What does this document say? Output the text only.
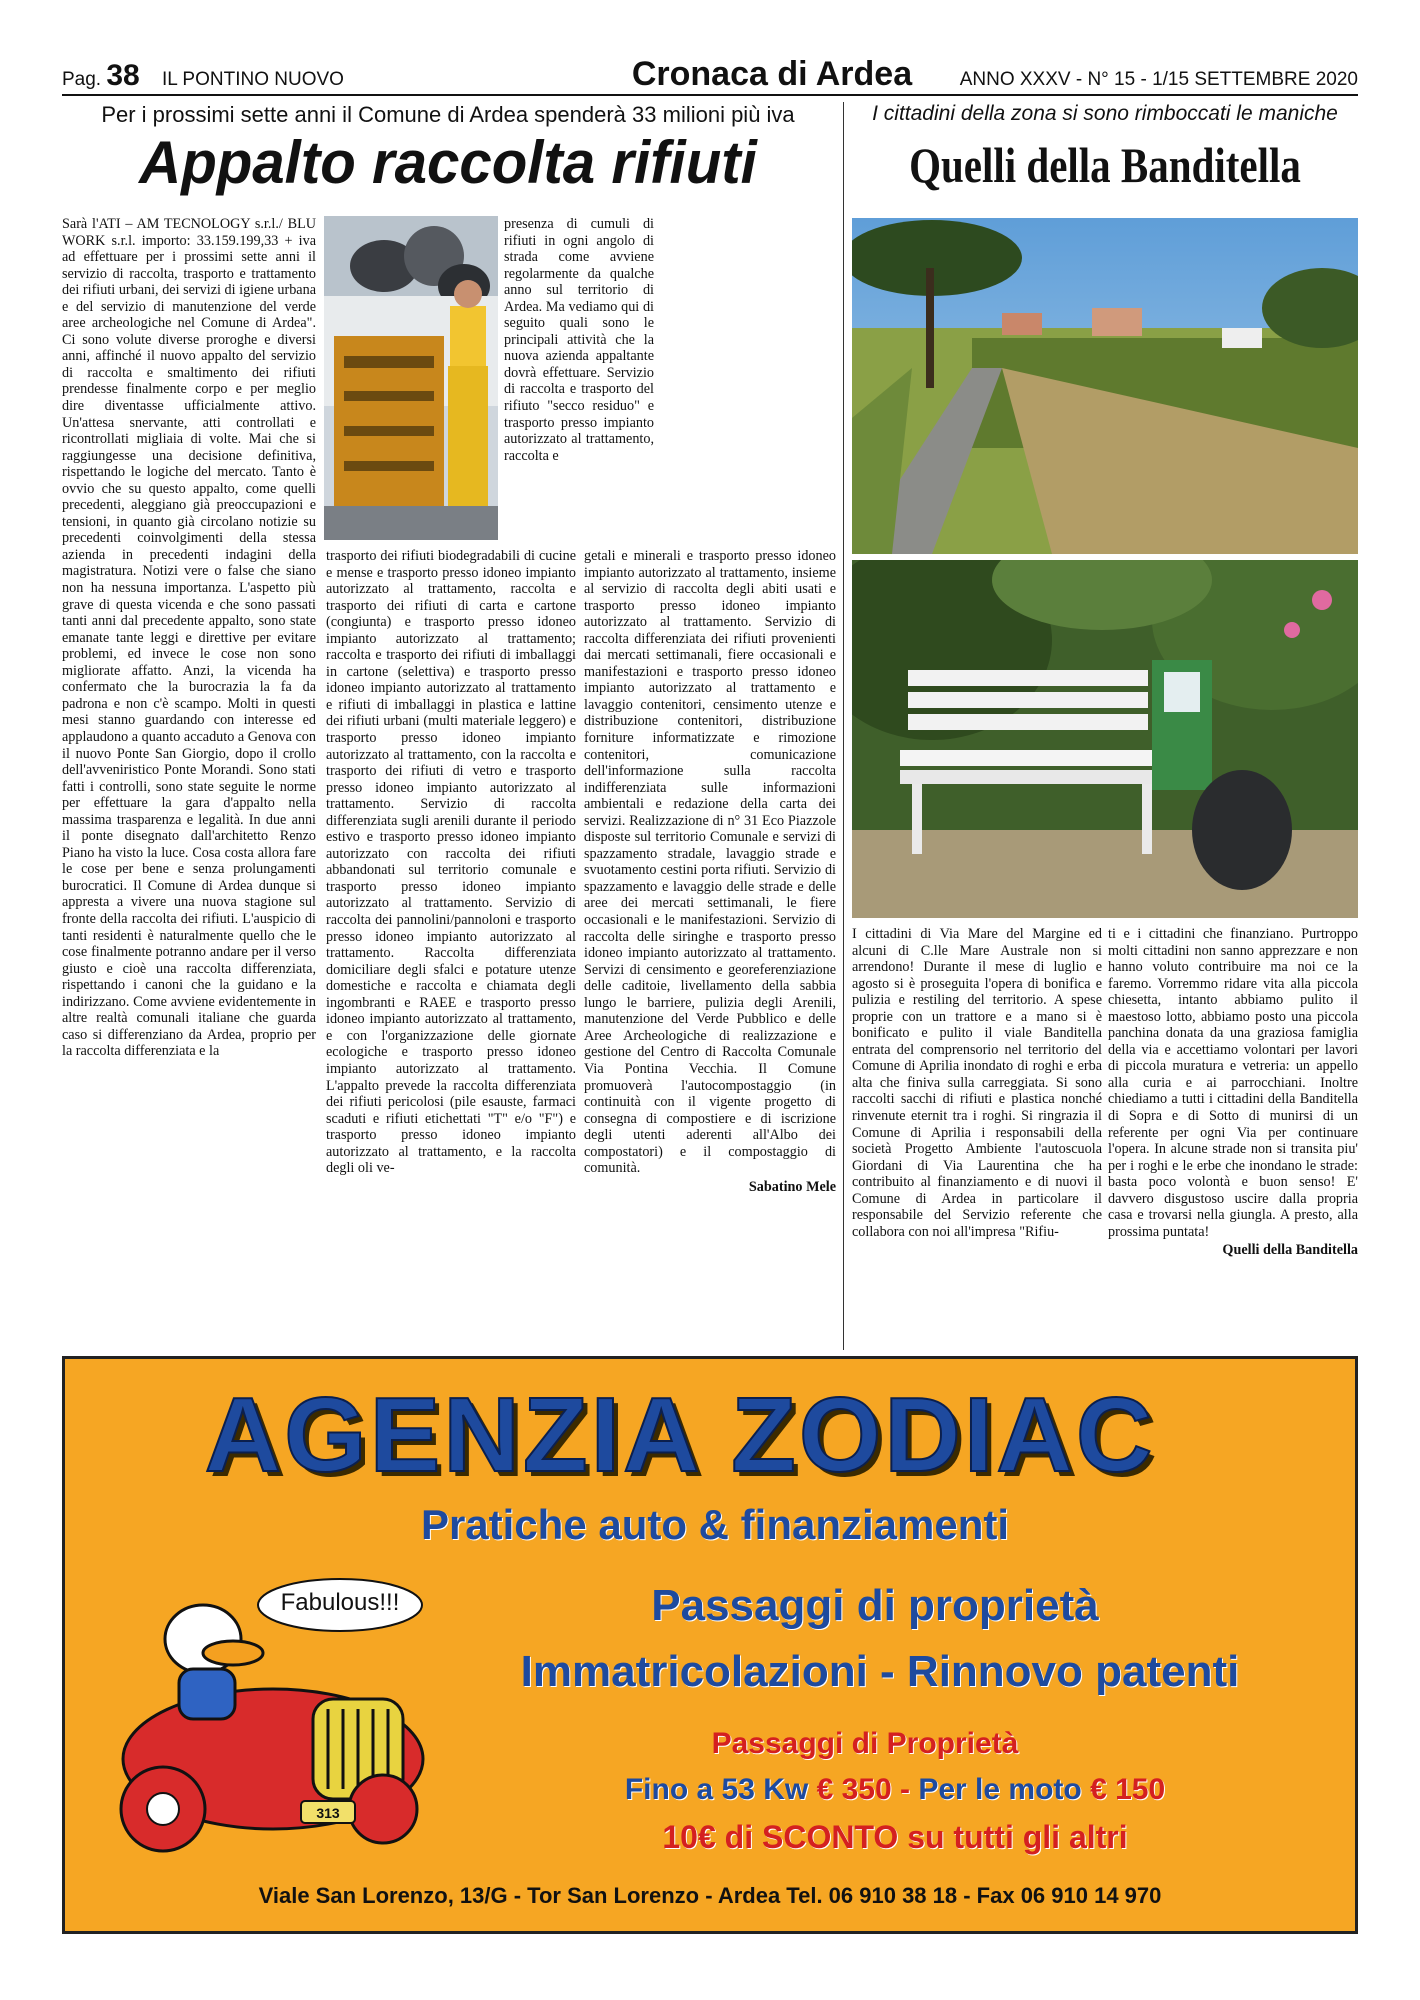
Pag. 38 IL PONTINO NUOVO	Cronaca di Ardea	ANNO XXXV - N° 15 - 1/15 SETTEMBRE 2020
Per i prossimi sette anni il Comune di Ardea spenderà 33 milioni più iva
Appalto raccolta rifiuti

Sarà l'ATI – AM TECNOLOGY s.r.l./ BLU WORK s.r.l. importo: 33.159.199,33 + iva ad effettuare per i prossimi sette anni il servizio di raccolta, trasporto e trattamento dei rifiuti urbani, dei servizi di igiene urbana e del servizio di manutenzione del verde aree archeologiche nel Comune di Ardea". Ci sono volute diverse proroghe e diversi anni, affinché il nuovo appalto del servizio di raccolta e smaltimento dei rifiuti prendesse finalmente corpo e per meglio dire diventasse ufficialmente attivo. Un'attesa snervante, atti controllati e ricontrollati migliaia di volte. Mai che si raggiungesse una decisione definitiva, rispettando le logiche del mercato. Tanto è ovvio che su questo appalto, come quelli precedenti, aleggiano già preoccupazioni e tensioni, in quanto già circolano notizie su precedenti coinvolgimenti della stessa azienda in precedenti indagini della magistratura. Notizi vere o false che siano non ha nessuna importanza. L'aspetto più grave di questa vicenda e che sono passati tanti anni dal precedente appalto, sono state emanate tante leggi e direttive per evitare problemi, ed invece le cose non sono migliorate affatto. Anzi, la vicenda ha confermato che la burocrazia la fa da padrona e non c'è scampo. Molti in questi mesi stanno guardando con interesse ed applaudono a quanto accaduto a Genova con il nuovo Ponte San Giorgio, dopo il crollo dell'avveniristico Ponte Morandi. Sono stati fatti i controlli, sono state seguite le norme per effettuare la gara d'appalto nella massima trasparenza e legalità. In due anni il ponte disegnato dall'architetto Renzo Piano ha visto la luce. Cosa costa allora fare le cose per bene e senza prolungamenti burocratici. Il Comune di Ardea dunque si appresta a vivere una nuova stagione sul fronte della raccolta dei rifiuti. L'auspicio di tanti residenti è naturalmente quello che le cose finalmente potranno andare per il verso giusto e cioè una raccolta differenziata, rispettando i canoni che la guidano e la indirizzano. Come avviene evidentemente in altre realtà comunali italiane che guarda caso si differenziano da Ardea, proprio per la raccolta differenziata e la

presenza di cumuli di rifiuti in ogni angolo di strada come avviene regolarmente da qualche anno sul territorio di Ardea. Ma vediamo qui di seguito quali sono le principali attività che la nuova azienda appaltante dovrà effettuare. Servizio di raccolta e trasporto del rifiuto "secco residuo" e trasporto presso impianto autorizzato al trattamento, raccolta e

trasporto dei rifiuti biodegradabili di cucine e mense e trasporto presso idoneo impianto autorizzato al trattamento, raccolta e trasporto dei rifiuti di carta e cartone (congiunta) e trasporto presso idoneo impianto autorizzato al trattamento; raccolta e trasporto dei rifiuti di imballaggi in cartone (selettiva) e trasporto presso idoneo impianto autorizzato al trattamento e rifiuti di imballaggi in plastica e lattine dei rifiuti urbani (multi materiale leggero) e trasporto presso idoneo impianto autorizzato al trattamento, con la raccolta e trasporto dei rifiuti di vetro e trasporto presso idoneo impianto autorizzato al trattamento. Servizio di raccolta differenziata sugli arenili durante il periodo estivo e trasporto presso idoneo impianto autorizzato con raccolta dei rifiuti abbandonati sul territorio comunale e trasporto presso idoneo impianto autorizzato al trattamento. Servizio di raccolta dei pannolini/pannoloni e trasporto presso idoneo impianto autorizzato al trattamento. Raccolta differenziata domiciliare degli sfalci e potature utenze domestiche e raccolta e chiamata degli ingombranti e RAEE e trasporto presso idoneo impianto autorizzato al trattamento, e con l'organizzazione delle giornate ecologiche e trasporto presso idoneo impianto autorizzato al trattamento. L'appalto prevede la raccolta differenziata dei rifiuti pericolosi (pile esauste, farmaci scaduti e rifiuti etichettati "T" e/o "F") e trasporto presso idoneo impianto autorizzato al trattamento, e la raccolta degli oli ve-

getali e minerali e trasporto presso idoneo impianto autorizzato al trattamento, insieme al servizio di raccolta degli abiti usati e trasporto presso idoneo impianto autorizzato al trattamento. Servizio di raccolta differenziata dei rifiuti provenienti dai mercati settimanali, fiere occasionali e manifestazioni e trasporto presso idoneo impianto autorizzato al trattamento e lavaggio contenitori, censimento utenze e distribuzione contenitori, distribuzione forniture informatizzate e rimozione contenitori, comunicazione dell'informazione sulla raccolta indifferenziata sulle informazioni ambientali e redazione della carta dei servizi. Realizzazione di n° 31 Eco Piazzole disposte sul territorio Comunale e servizi di spazzamento stradale, lavaggio strade e svuotamento cestini porta rifiuti. Servizio di spazzamento e lavaggio delle strade e delle aree dei mercati settimanali, le fiere occasionali e le manifestazioni. Servizio di raccolta delle siringhe e trasporto presso idoneo impianto autorizzato al trattamento. Servizi di censimento e georeferenziazione delle caditoie, livellamento della sabbia lungo le barriere, pulizia degli Arenili, manutenzione del Verde Pubblico e delle Aree Archeologiche di realizzazione e gestione del Centro di Raccolta Comunale Via Pontina Vecchia. Il Comune promuoverà l'autocompostaggio (in continuità con il vigente progetto di consegna di compostiere e di iscrizione degli utenti aderenti all'Albo dei compostatori) e il compostaggio di comunità.

Sabatino Mele
I cittadini della zona si sono rimboccati le maniche
Quelli della Banditella

I cittadini di Via Mare del Margine ed alcuni di C.lle Mare Australe non si arrendono! Durante il mese di luglio e agosto si è proseguita l'opera di bonifica e pulizia e restiling del territorio. A spese proprie con un trattore e a mano si è bonificato e pulito il viale Banditella entrata del comprensorio nel territorio del Comune di Aprilia inondato di roghi e erba alta che finiva sulla carreggiata. Si sono raccolti sacchi di rifiuti e plastica nonché rinvenute eternit tra i roghi. Si ringrazia il Comune di Aprilia i responsabili della società Progetto Ambiente l'autoscuola Giordani di Via Laurentina che ha contribuito al finanziamento e di nuovi il Comune di Ardea in particolare il responsabile del Servizio referente che collabora con noi all'impresa "Rifiu-

ti e i cittadini che finanziano. Purtroppo molti cittadini non sanno apprezzare e non hanno voluto contribuire ma noi ce la faremo. Vorremmo ridare vita alla piccola chiesetta, intanto abbiamo pulito il maestoso lotto, abbiamo posto una piccola panchina donata da una graziosa famiglia della via e accettiamo volontari per lavori di piccola muratura e vetreria: un appello alla curia e ai parrocchiani. Inoltre chiediamo a tutti i cittadini della Banditella di Sopra e di Sotto di munirsi di un referente per ogni Via per continuare l'opera. In alcune strade non si transita piu' per i roghi e le erbe che inondano le strade: basta poco volontà e buon senso! E' davvero disgustoso uscire dalla propria casa e trovarsi nella giungla. A presto, alla prossima puntata!

Quelli della Banditella
AGENZIA ZODIAC
Pratiche auto & finanziamenti
313
Fabulous!!!	Passaggi di proprietà
Immatricolazioni - Rinnovo patenti
Passaggi di Proprietà
Fino a 53 Kw € 350 - Per le moto € 150
10€ di SCONTO su tutti gli altri
Viale San Lorenzo, 13/G - Tor San Lorenzo - Ardea Tel. 06 910 38 18 - Fax 06 910 14 970
